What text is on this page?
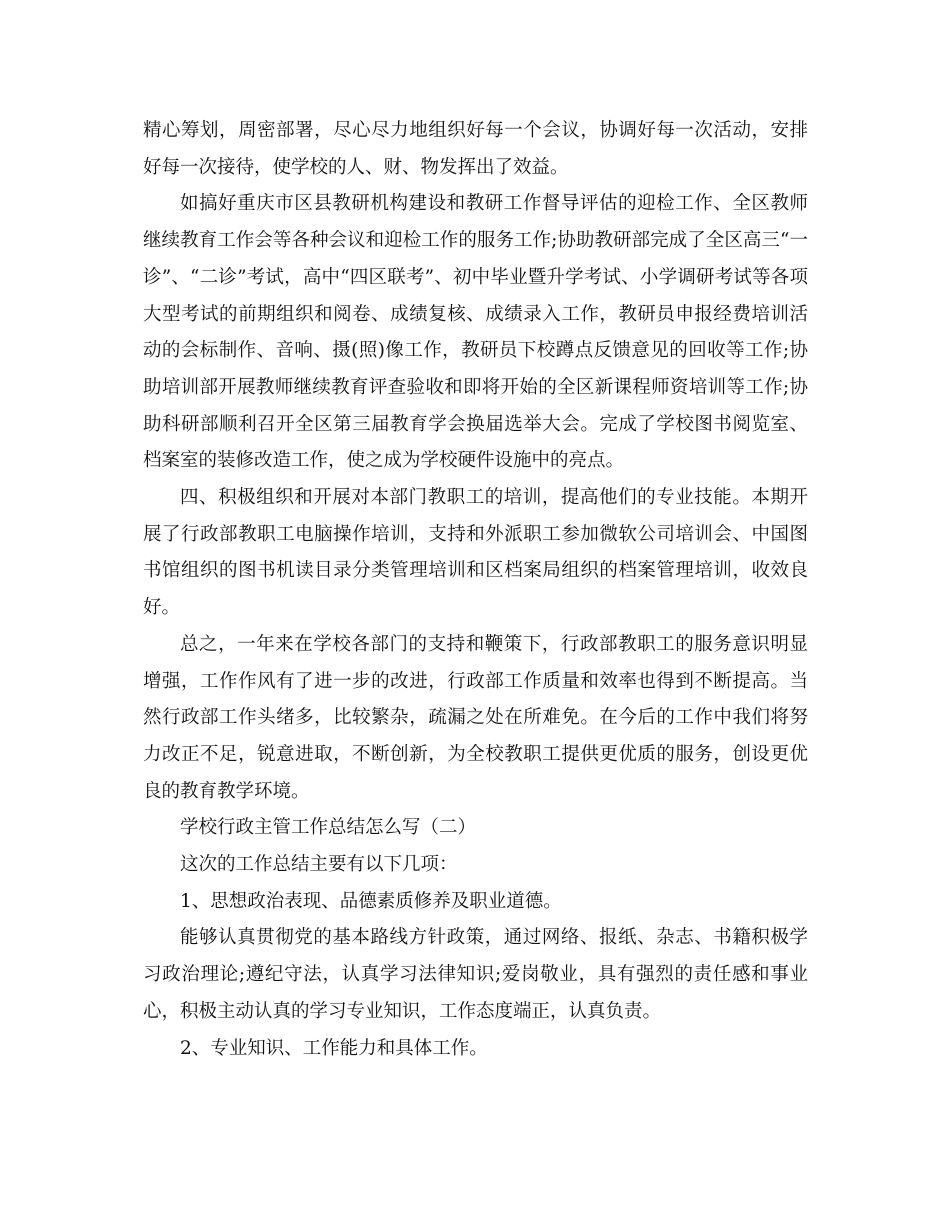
精心筹划，周密部署，尽心尽力地组织好每一个会议，协调好每一次活动，安排好每一次接待，使学校的人、财、物发挥出了效益。

如搞好重庆市区县教研机构建设和教研工作督导评估的迎检工作、全区教师继续教育工作会等各种会议和迎检工作的服务工作;协助教研部完成了全区高三“一诊”、“二诊”考试，高中“四区联考”、初中毕业暨升学考试、小学调研考试等各项大型考试的前期组织和阅卷、成绩复核、成绩录入工作，教研员申报经费培训活动的会标制作、音响、摄(照)像工作，教研员下校蹲点反馈意见的回收等工作;协助培训部开展教师继续教育评查验收和即将开始的全区新课程师资培训等工作;协助科研部顺利召开全区第三届教育学会换届选举大会。完成了学校图书阅览室、档案室的装修改造工作，使之成为学校硬件设施中的亮点。

四、积极组织和开展对本部门教职工的培训，提高他们的专业技能。本期开展了行政部教职工电脑操作培训，支持和外派职工参加微软公司培训会、中国图书馆组织的图书机读目录分类管理培训和区档案局组织的档案管理培训，收效良好。

总之，一年来在学校各部门的支持和鞭策下，行政部教职工的服务意识明显增强，工作作风有了进一步的改进，行政部工作质量和效率也得到不断提高。当然行政部工作头绪多，比较繁杂，疏漏之处在所难免。在今后的工作中我们将努力改正不足，锐意进取，不断创新，为全校教职工提供更优质的服务，创设更优良的教育教学环境。

学校行政主管工作总结怎么写（二）

这次的工作总结主要有以下几项：

1、思想政治表现、品德素质修养及职业道德。

能够认真贯彻党的基本路线方针政策，通过网络、报纸、杂志、书籍积极学习政治理论;遵纪守法，认真学习法律知识;爱岗敬业，具有强烈的责任感和事业心，积极主动认真的学习专业知识，工作态度端正，认真负责。

2、专业知识、工作能力和具体工作。
